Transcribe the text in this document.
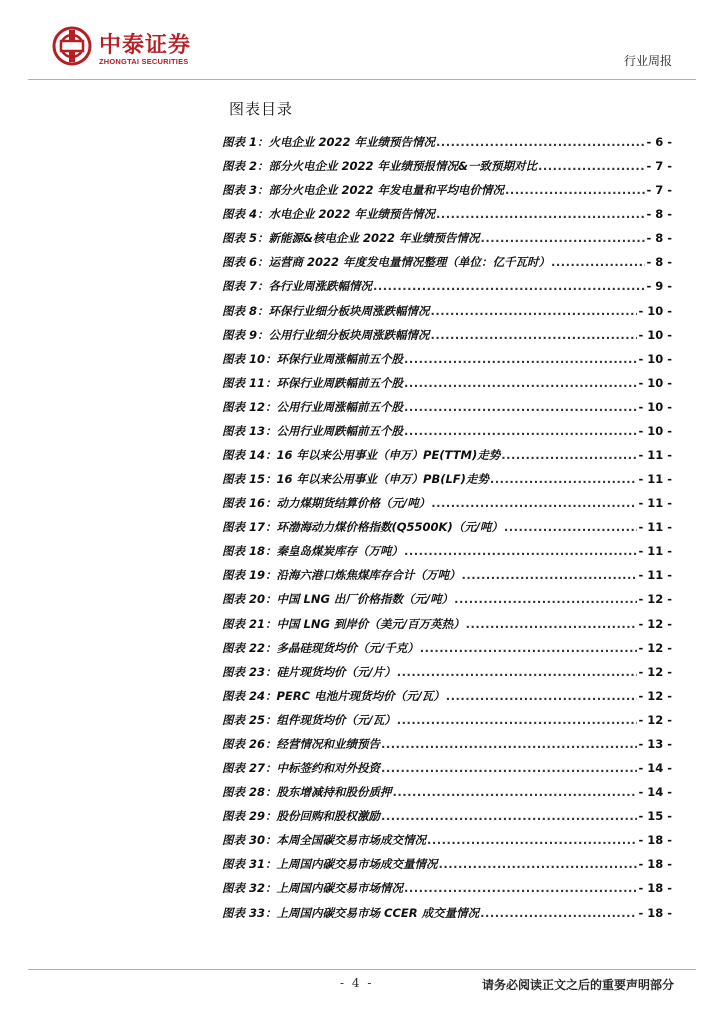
中泰证券
ZHONGTAI SECURITIES	行业周报
图表目录
图表 1：火电企业 2022 年业绩预告情况 .....	- 6 -
图表 2：部分火电企业 2022 年业绩预报情况&一致预期对比 .....	- 7 -
图表 3：部分火电企业 2022 年发电量和平均电价情况 .....	- 7 -
图表 4：水电企业 2022 年业绩预告情况 .....	- 8 -
图表 5：新能源&核电企业 2022 年业绩预告情况 .....	- 8 -
图表 6：运营商 2022 年度发电量情况整理（单位：亿千瓦时） .....	- 8 -
图表 7：各行业周涨跌幅情况 .....	- 9 -
图表 8：环保行业细分板块周涨跌幅情况 .....	- 10 -
图表 9：公用行业细分板块周涨跌幅情况 .....	- 10 -
图表 10：环保行业周涨幅前五个股 .....	- 10 -
图表 11：环保行业周跌幅前五个股 .....	- 10 -
图表 12：公用行业周涨幅前五个股 .....	- 10 -
图表 13：公用行业周跌幅前五个股 .....	- 10 -
图表 14：16 年以来公用事业（申万）PE(TTM)走势 .....	- 11 -
图表 15：16 年以来公用事业（申万）PB(LF)走势 .....	- 11 -
图表 16：动力煤期货结算价格（元/吨） .....	- 11 -
图表 17：环渤海动力煤价格指数(Q5500K)（元/吨） .....	- 11 -
图表 18：秦皇岛煤炭库存（万吨） .....	- 11 -
图表 19：沿海六港口炼焦煤库存合计（万吨） .....	- 11 -
图表 20：中国 LNG 出厂价格指数（元/吨） .....	- 12 -
图表 21：中国 LNG 到岸价（美元/百万英热） .....	- 12 -
图表 22：多晶硅现货均价（元/千克） .....	- 12 -
图表 23：硅片现货均价（元/片） .....	- 12 -
图表 24：PERC 电池片现货均价（元/瓦） .....	- 12 -
图表 25：组件现货均价（元/瓦） .....	- 12 -
图表 26：经营情况和业绩预告 .....	- 13 -
图表 27：中标签约和对外投资 .....	- 14 -
图表 28：股东增减持和股份质押 .....	- 14 -
图表 29：股份回购和股权激励 .....	- 15 -
图表 30：本周全国碳交易市场成交情况 .....	- 18 -
图表 31：上周国内碳交易市场成交量情况 .....	- 18 -
图表 32：上周国内碳交易市场情况 .....	- 18 -
图表 33：上周国内碳交易市场 CCER 成交量情况 .....	- 18 -
- 4 -	请务必阅读正文之后的重要声明部分
